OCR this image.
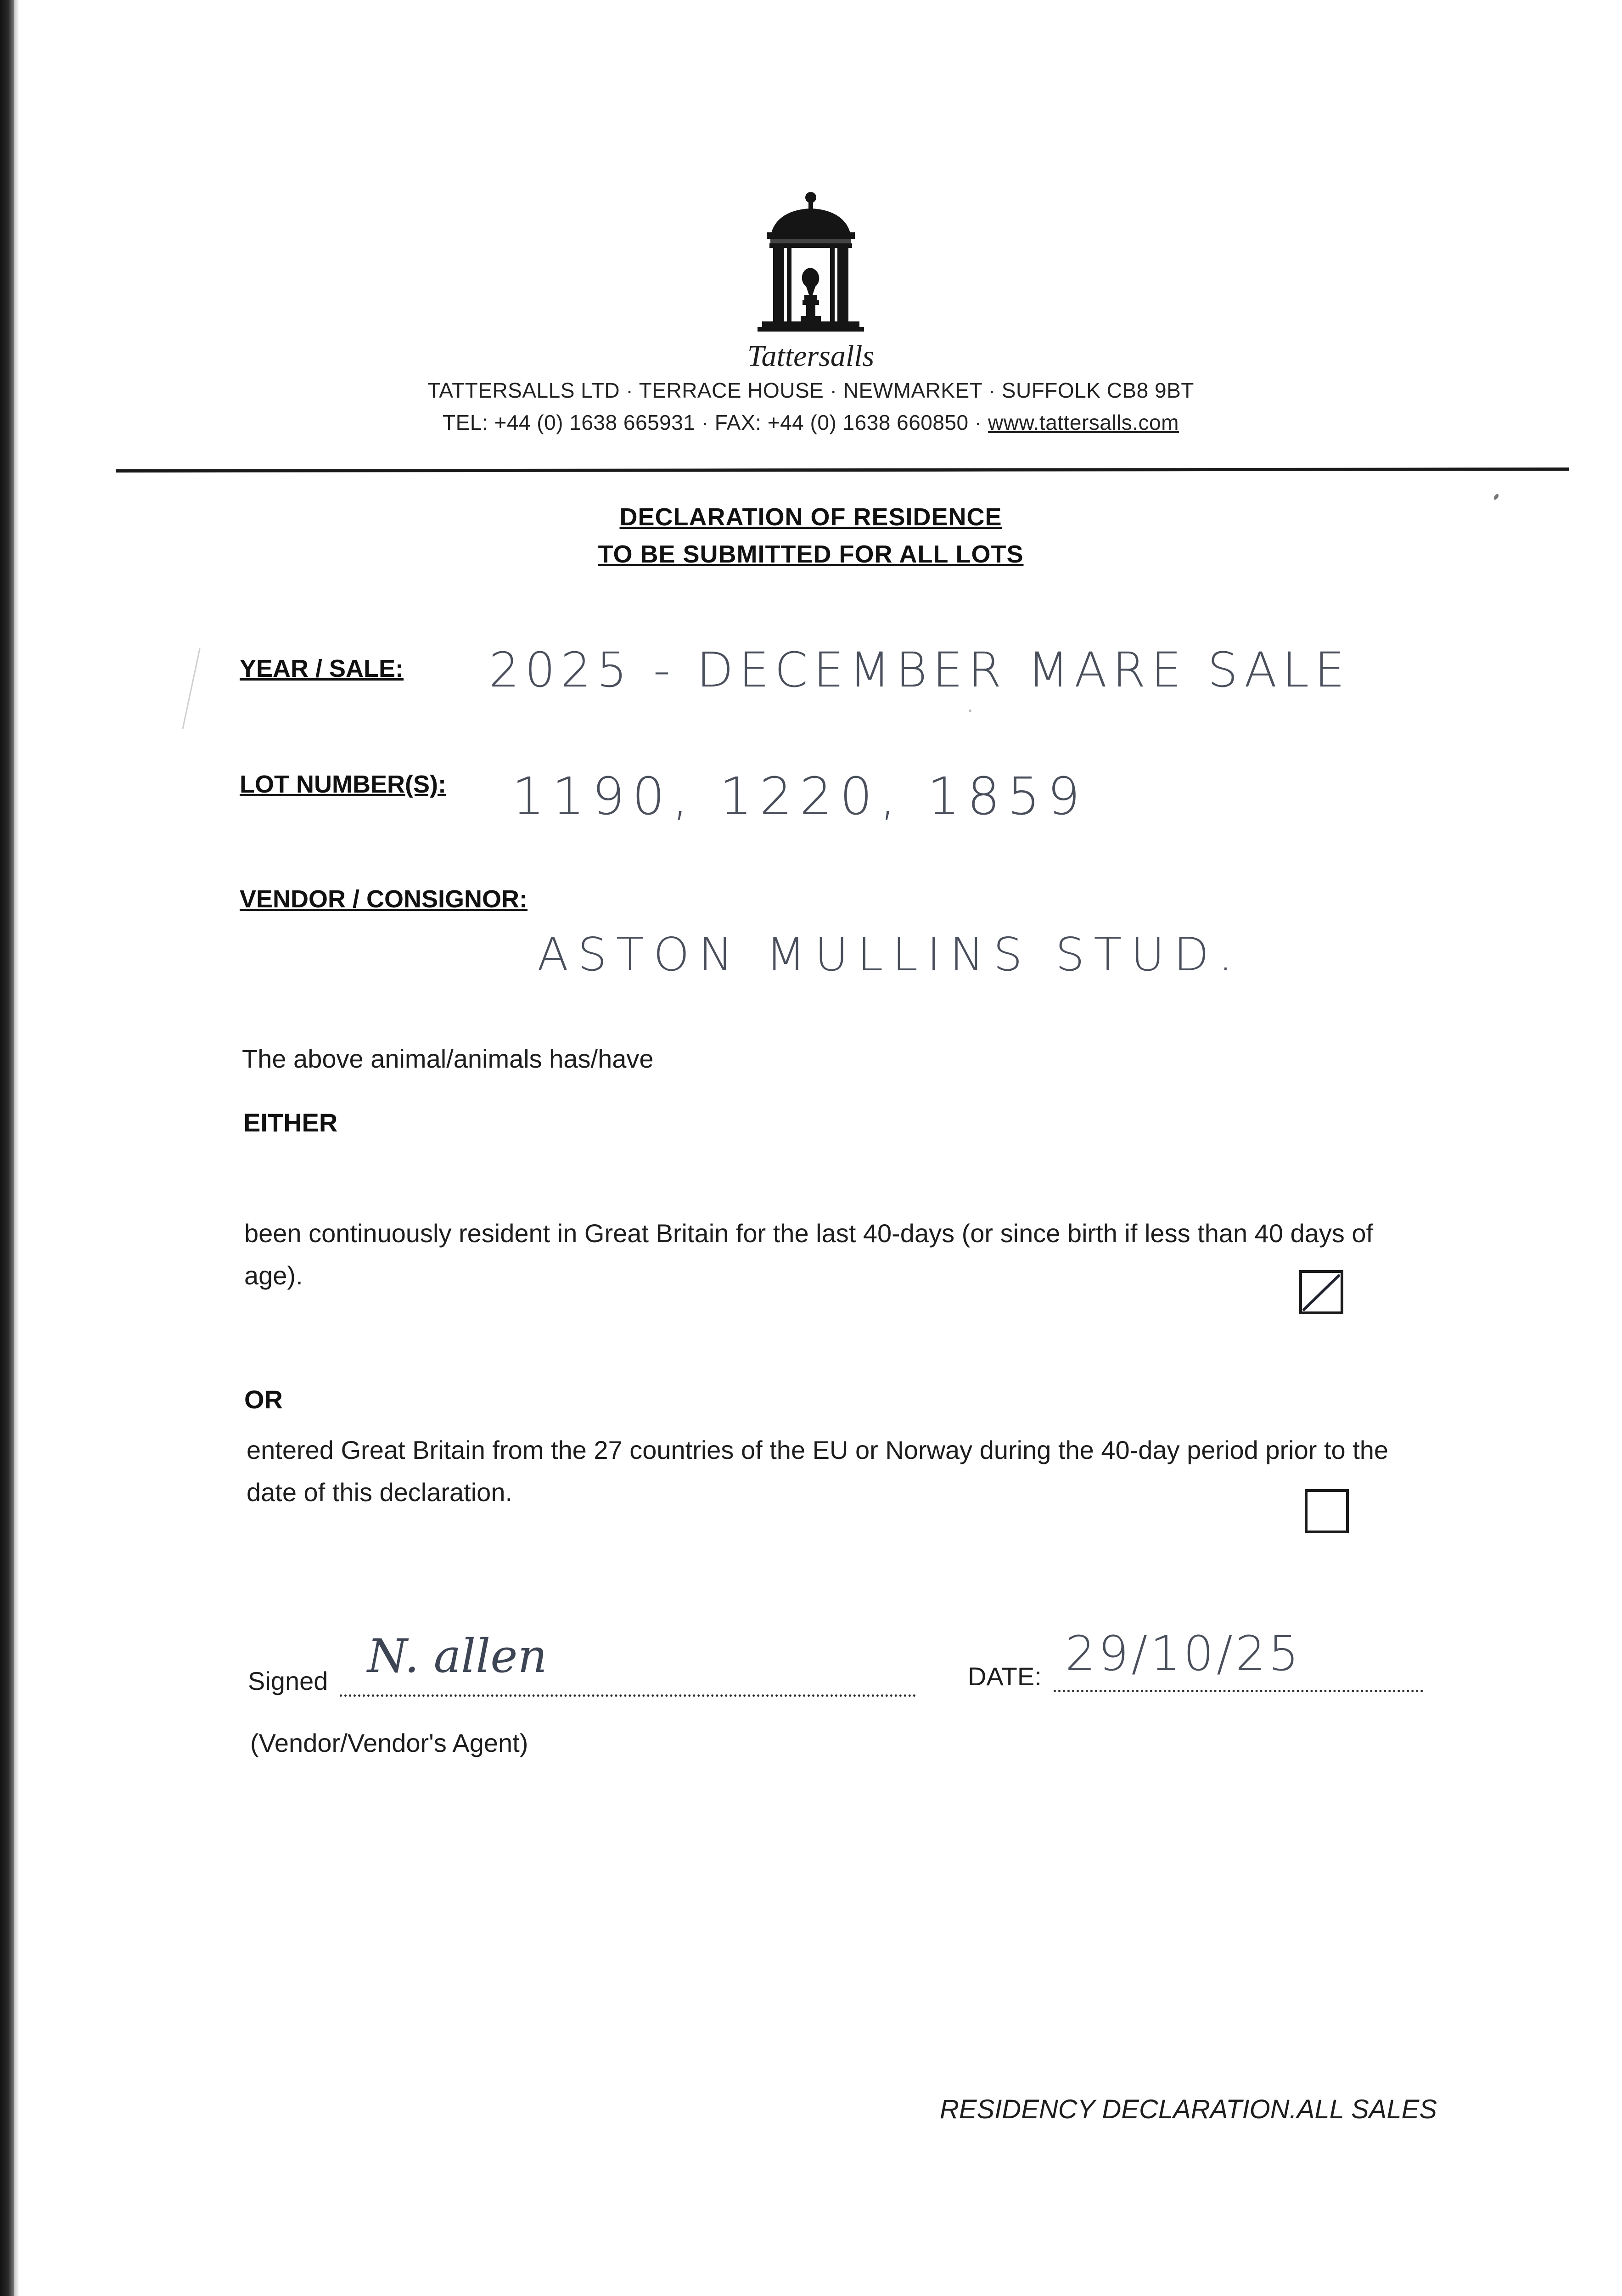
Tattersalls
TATTERSALLS LTD · TERRACE HOUSE · NEWMARKET · SUFFOLK CB8 9BT
TEL: +44 (0) 1638 665931 · FAX: +44 (0) 1638 660850 · www.tattersalls.com
DECLARATION OF RESIDENCE
TO BE SUBMITTED FOR ALL LOTS
YEAR / SALE: 2025 - DECEMBER MARE SALE
LOT NUMBER(S): 1190, 1220, 1859
VENDOR / CONSIGNOR:
ASTON MULLINS STUD.
The above animal/animals has/have
EITHER
been continuously resident in Great Britain for the last 40-days (or since birth if less than 40 days of age).
OR
entered Great Britain from the 27 countries of the EU or Norway during the 40-day period prior to the date of this declaration.
Signed N. allen	DATE: 29/10/25
(Vendor/Vendor's Agent)
RESIDENCY DECLARATION.ALL SALES
